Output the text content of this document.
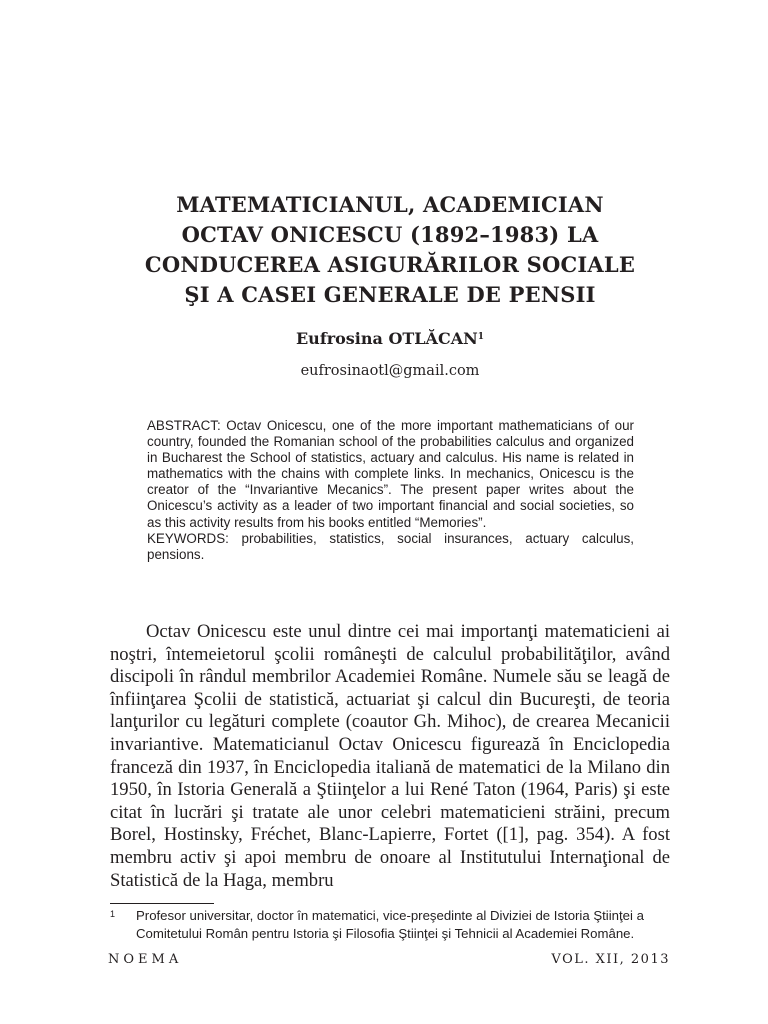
MATEMATICIANUL, ACADEMICIAN
OCTAV ONICESCU (1892–1983) LA
CONDUCEREA ASIGURĂRILOR SOCIALE
ŞI A CASEI GENERALE DE PENSII
Eufrosina OTLĂCAN$^1$
eufrosinaotl@gmail.com

ABSTRACT: Octav Onicescu, one of the more important mathematicians of our country, founded the Romanian school of the probabilities calculus and organized in Bucharest the School of statistics, actuary and calculus. His name is related in mathematics with the chains with complete links. In mechanics, Onicescu is the creator of the “Invariantive Mecanics”. The present paper writes about the Onicescu’s activity as a leader of two important financial and social societies, so as this activity results from his books entitled “Memories”.

KEYWORDS: probabilities, statistics, social insurances, actuary calculus, pensions.

Octav Onicescu este unul dintre cei mai importanţi matematicieni ai noştri, întemeietorul şcolii româneşti de calculul probabilităţilor, având discipoli în rândul membrilor Academiei Române. Numele său se leagă de înfiinţarea Şcolii de statistică, actuariat şi calcul din Bucureşti, de teoria lanţurilor cu legături complete (coautor Gh. Mihoc), de crearea Mecanicii invariantive. Matematicianul Octav Onicescu figurează în Enciclopedia franceză din 1937, în Enciclopedia italiană de matematici de la Milano din 1950, în Istoria Generală a Ştiinţelor a lui René Taton (1964, Paris) şi este citat în lucrări şi tratate ale unor celebri matematicieni străini, precum Borel, Hostinsky, Fréchet, Blanc-Lapierre, Fortet ([1], pag. 354). A fost membru activ şi apoi membru de onoare al Institutului Internaţional de Statistică de la Haga, membru

1 Profesor universitar, doctor în matematici, vice-preşedinte al Diviziei de Istoria Ştiinţei a Comitetului Român pentru Istoria şi Filosofia Ştiinţei şi Tehnicii al Academiei Române.
NOEMA	VOL. XII, 2013
